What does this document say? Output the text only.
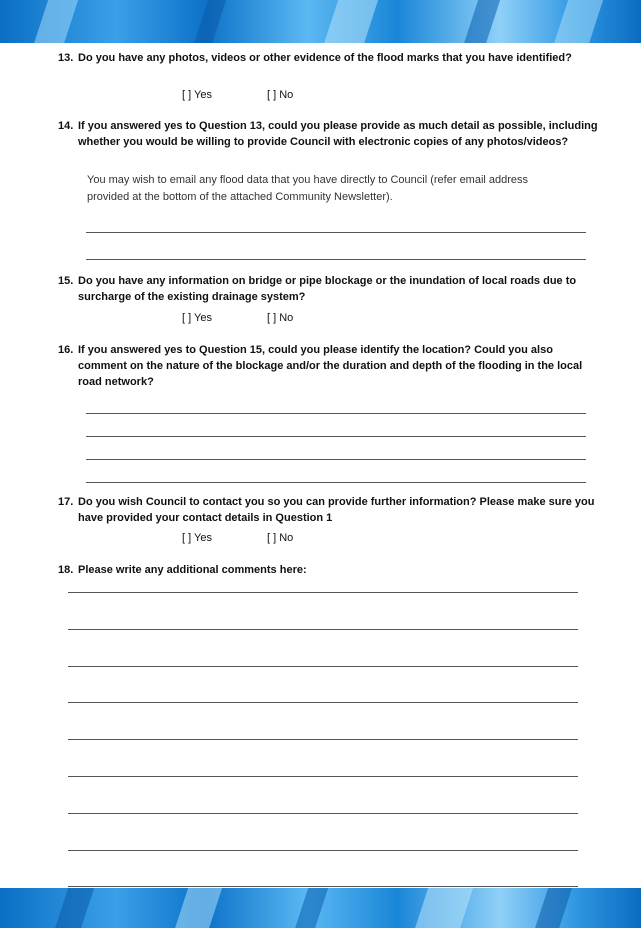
13. Do you have any photos, videos or other evidence of the flood marks that you have identified?
[ ] Yes	[ ] No
14. If you answered yes to Question 13, could you please provide as much detail as possible, including whether you would be willing to provide Council with electronic copies of any photos/videos?
You may wish to email any flood data that you have directly to Council (refer email address provided at the bottom of the attached Community Newsletter).
15. Do you have any information on bridge or pipe blockage or the inundation of local roads due to surcharge of the existing drainage system?
[ ] Yes	[ ] No
16. If you answered yes to Question 15, could you please identify the location? Could you also comment on the nature of the blockage and/or the duration and depth of the flooding in the local road network?
17. Do you wish Council to contact you so you can provide further information? Please make sure you have provided your contact details in Question 1
[ ] Yes	[ ] No
18. Please write any additional comments here:
